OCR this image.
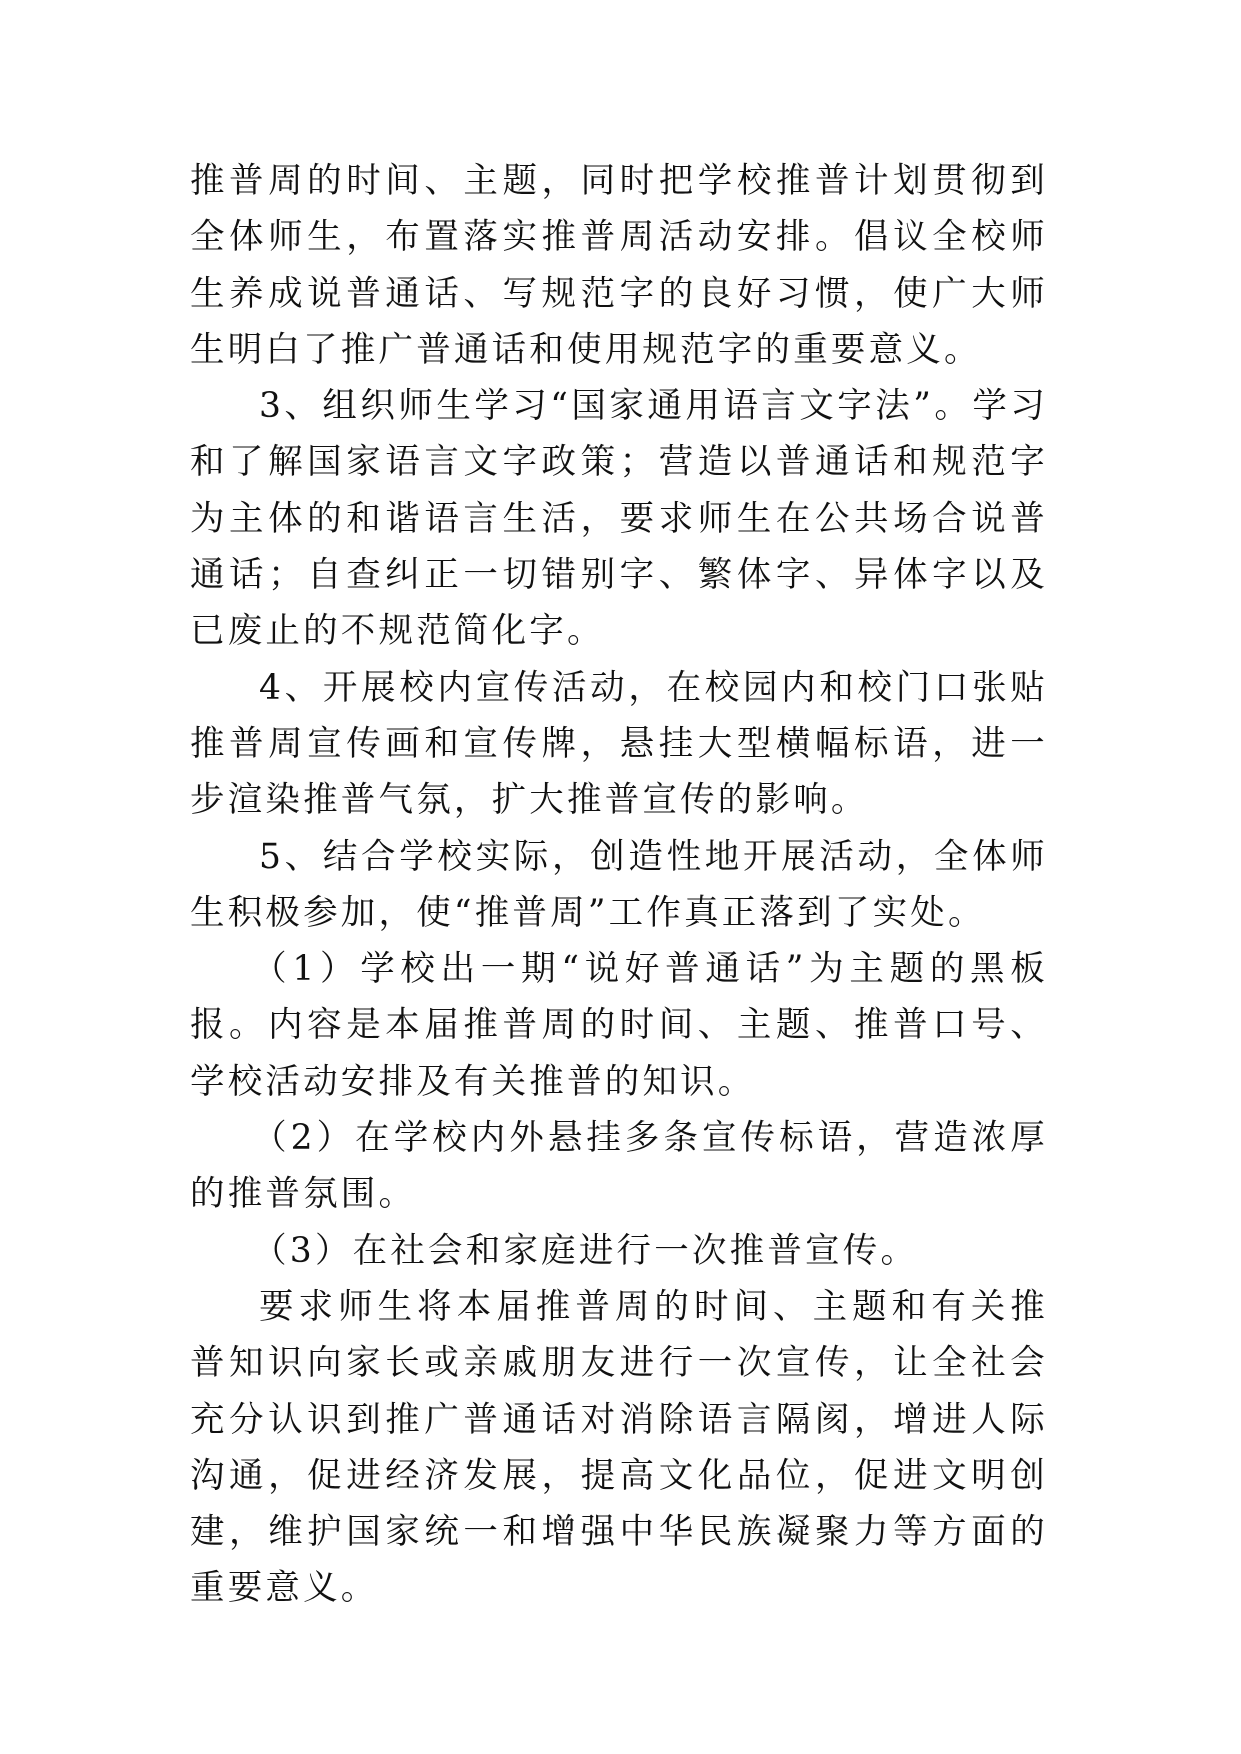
推普周的时间、主题，同时把学校推普计划贯彻到全体师生，布置落实推普周活动安排。倡议全校师生养成说普通话、写规范字的良好习惯，使广大师生明白了推广普通话和使用规范字的重要意义。

3、组织师生学习“国家通用语言文字法”。学习和了解国家语言文字政策；营造以普通话和规范字为主体的和谐语言生活，要求师生在公共场合说普通话；自查纠正一切错别字、繁体字、异体字以及已废止的不规范简化字。

4、开展校内宣传活动，在校园内和校门口张贴推普周宣传画和宣传牌，悬挂大型横幅标语，进一步渲染推普气氛，扩大推普宣传的影响。

5、结合学校实际，创造性地开展活动，全体师生积极参加，使“推普周”工作真正落到了实处。

（1）学校出一期“说好普通话”为主题的黑板报。内容是本届推普周的时间、主题、推普口号、学校活动安排及有关推普的知识。

（2）在学校内外悬挂多条宣传标语，营造浓厚的推普氛围。

（3）在社会和家庭进行一次推普宣传。

要求师生将本届推普周的时间、主题和有关推普知识向家长或亲戚朋友进行一次宣传，让全社会充分认识到推广普通话对消除语言隔阂，增进人际沟通，促进经济发展，提高文化品位，促进文明创建，维护国家统一和增强中华民族凝聚力等方面的重要意义。
